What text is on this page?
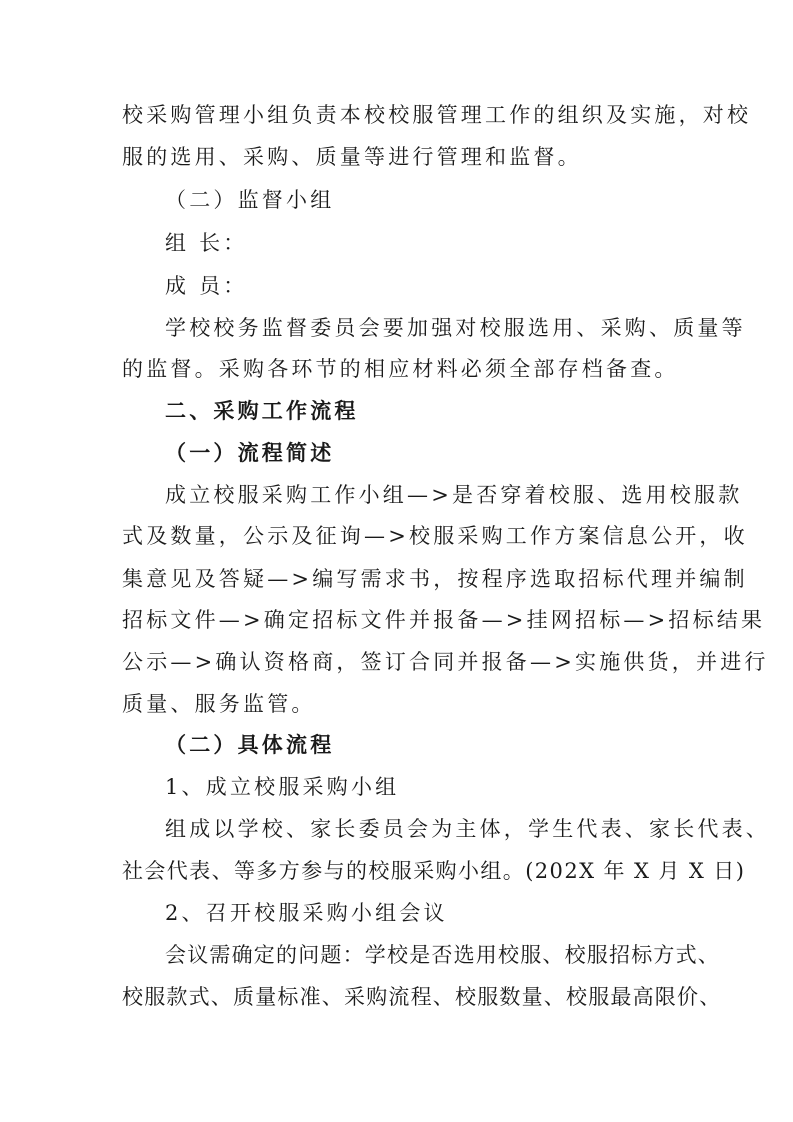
校采购管理小组负责本校校服管理工作的组织及实施，对校
服的选用、采购、质量等进行管理和监督。
（二）监督小组
组 长：
成 员：
学校校务监督委员会要加强对校服选用、采购、质量等
的监督。采购各环节的相应材料必须全部存档备查。
二、采购工作流程
（一）流程简述
成立校服采购工作小组—>是否穿着校服、选用校服款
式及数量，公示及征询—>校服采购工作方案信息公开，收
集意见及答疑—>编写需求书，按程序选取招标代理并编制
招标文件—>确定招标文件并报备—>挂网招标—>招标结果
公示—>确认资格商，签订合同并报备—>实施供货，并进行
质量、服务监管。
（二）具体流程
1、成立校服采购小组
组成以学校、家长委员会为主体，学生代表、家长代表、
社会代表、等多方参与的校服采购小组。(202X 年 X 月 X 日)
2、召开校服采购小组会议
会议需确定的问题：学校是否选用校服、校服招标方式、
校服款式、质量标准、采购流程、校服数量、校服最高限价、
